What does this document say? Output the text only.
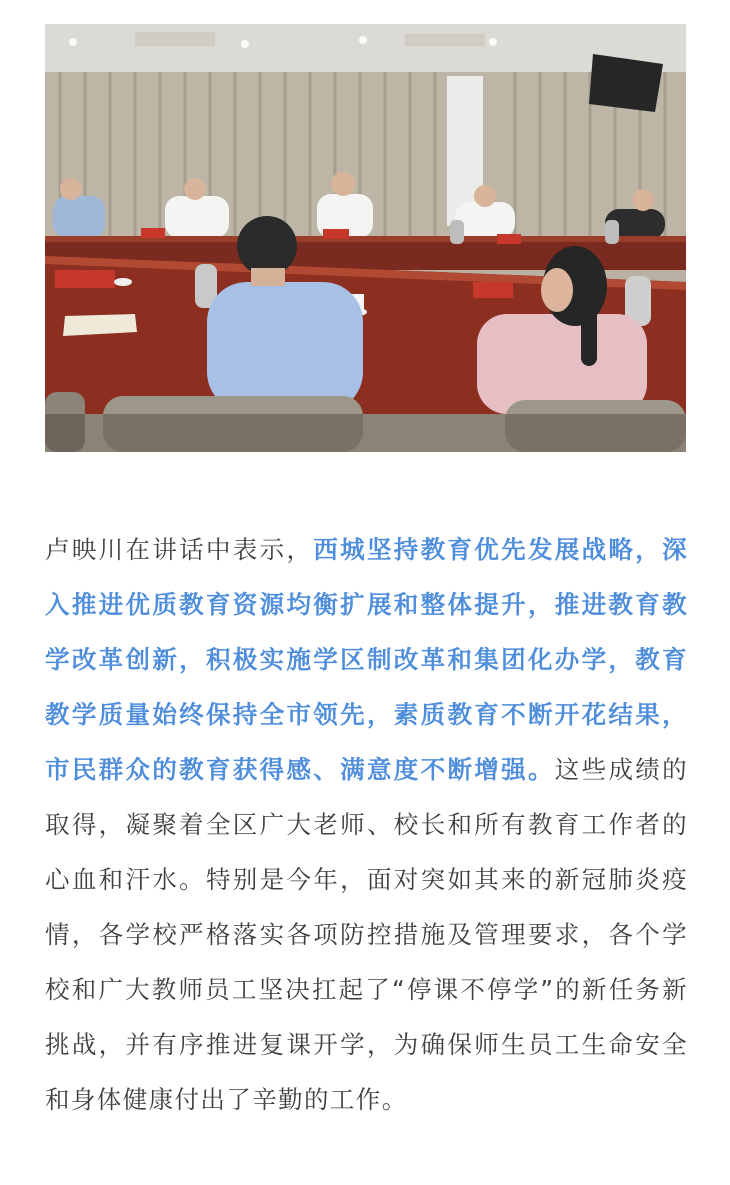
卢映川在讲话中表示，西城坚持教育优先发展战略，深入推进优质教育资源均衡扩展和整体提升，推进教育教学改革创新，积极实施学区制改革和集团化办学，教育教学质量始终保持全市领先，素质教育不断开花结果，市民群众的教育获得感、满意度不断增强。这些成绩的取得，凝聚着全区广大老师、校长和所有教育工作者的心血和汗水。特别是今年，面对突如其来的新冠肺炎疫情，各学校严格落实各项防控措施及管理要求，各个学校和广大教师员工坚决扛起了“停课不停学”的新任务新挑战，并有序推进复课开学，为确保师生员工生命安全和身体健康付出了辛勤的工作。
